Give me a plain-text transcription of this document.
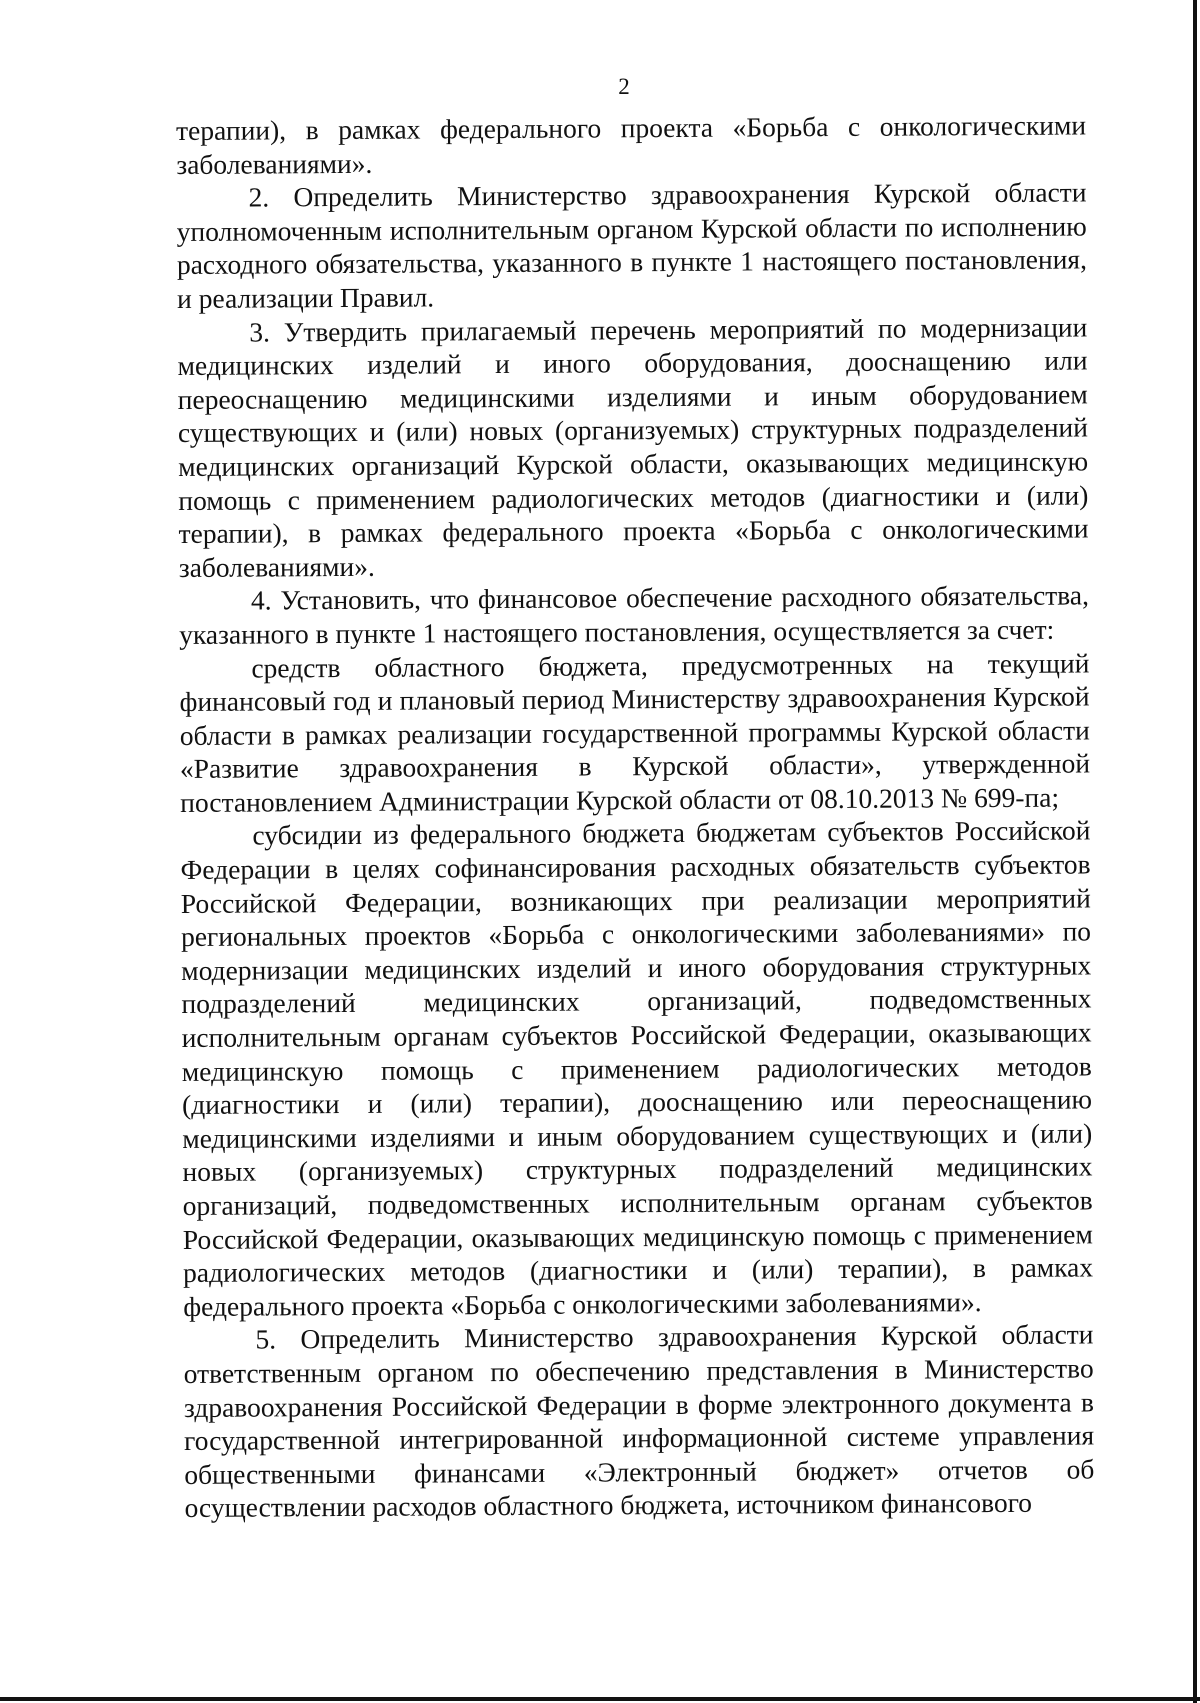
2

терапии), в рамках федерального проекта «Борьба с онкологическими заболеваниями».

2. Определить Министерство здравоохранения Курской области уполномоченным исполнительным органом Курской области по исполнению расходного обязательства, указанного в пункте 1 настоящего постановления, и реализации Правил.

3. Утвердить прилагаемый перечень мероприятий по модернизации медицинских изделий и иного оборудования, дооснащению или переоснащению медицинскими изделиями и иным оборудованием существующих и (или) новых (организуемых) структурных подразделений медицинских организаций Курской области, оказывающих медицинскую помощь с применением радиологических методов (диагностики и (или) терапии), в рамках федерального проекта «Борьба с онкологическими заболеваниями».

4. Установить, что финансовое обеспечение расходного обязательства, указанного в пункте 1 настоящего постановления, осуществляется за счет:

средств областного бюджета, предусмотренных на текущий финансовый год и плановый период Министерству здравоохранения Курской области в рамках реализации государственной программы Курской области «Развитие здравоохранения в Курской области», утвержденной постановлением Администрации Курской области от 08.10.2013 № 699-па;

субсидии из федерального бюджета бюджетам субъектов Российской Федерации в целях софинансирования расходных обязательств субъектов Российской Федерации, возникающих при реализации мероприятий региональных проектов «Борьба с онкологическими заболеваниями» по модернизации медицинских изделий и иного оборудования структурных подразделений медицинских организаций, подведомственных исполнительным органам субъектов Российской Федерации, оказывающих медицинскую помощь с применением радиологических методов (диагностики и (или) терапии), дооснащению или переоснащению медицинскими изделиями и иным оборудованием существующих и (или) новых (организуемых) структурных подразделений медицинских организаций, подведомственных исполнительным органам субъектов Российской Федерации, оказывающих медицинскую помощь с применением радиологических методов (диагностики и (или) терапии), в рамках федерального проекта «Борьба с онкологическими заболеваниями».

5. Определить Министерство здравоохранения Курской области ответственным органом по обеспечению представления в Министерство здравоохранения Российской Федерации в форме электронного документа в государственной интегрированной информационной системе управления общественными финансами «Электронный бюджет» отчетов об осуществлении расходов областного бюджета, источником финансового
